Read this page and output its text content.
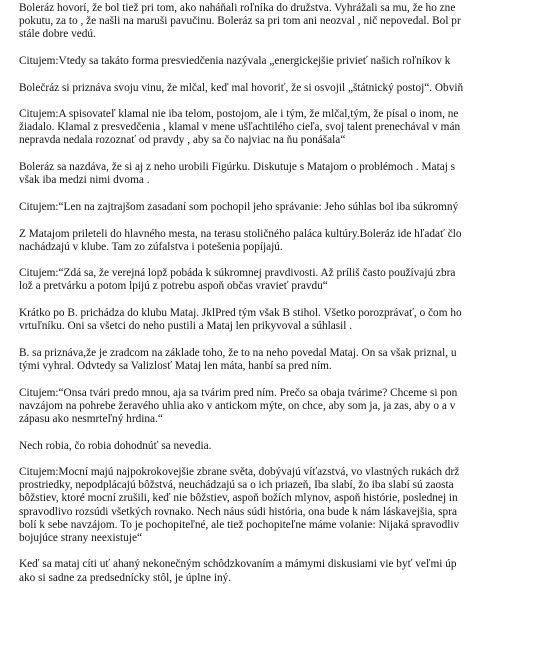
Boleráz hovorí, že bol tiež pri tom, ako naháňali roľníka do družstva. Vyhrážali sa mu, že ho zne
pokutu, za to , že našli na maruši pavučinu. Boleráz sa pri tom ani neozval , nič nepovedal. Bol pr
stále dobre vedú.

Citujem:Vtedy sa takáto forma presviedčenia nazývala „energickejšie privieť našich roľníkov k

Bolečráz si priznáva svoju vinu, že mlčal, keď mal hovoriť, že si osvojil „štátnický postoj“. Obviň

Citujem:A spisovateľ klamal nie iba telom, postojom, ale i tým, že mlčal,tým, že písal o inom, ne
žiadalo. Klamal z presvedčenia , klamal v mene ušľachtilého cieľa, svoj talent prenechával v mán
nepravda nedala rozoznať od pravdy , aby sa čo najviac na ňu ponášala“

Boleráz sa nazdáva, že si aj z neho urobili Figúrku. Diskutuje s Matajom o problémoch . Mataj s
však iba medzi nimi dvoma .

Citujem:“Len na zajtrajšom zasadaní som pochopil jeho správanie: Jeho súhlas bol iba súkromný

Z Matajom prileteli do hlavného mesta, na terasu stoličného paláca kultúry.Boleráz ide hľadať člo
nachádzajú v klube. Tam zo zúfalstva i potešenia popíjajú.

Citujem:“Zdá sa, že verejná lopž pobáda k súkromnej pravdivosti. Až príliš často používajú zbra
lož a pretvárku a potom lpijú z potrebu aspoň občas vravieť pravdu“

Krátko po B. prichádza do klubu Mataj. JklPred tým však B stihol. Všetko porozprávať, o čom ho
vrtuľníku. Oni sa všetci do neho pustili a Mataj len prikyvoval a súhlasil .

B. sa priznáva,že je zradcom na základe toho, že to na neho povedal Mataj. On sa však priznal, u
tými vyhral. Odvtedy sa Valizlosť Mataj len máta, hanbí sa pred ním.

Citujem:“Onsa tvári predo mnou, aja sa tvárim pred ním. Prečo sa obaja tvárime? Chceme si pon
navzájom na pohrebe žeravého uhlia ako v antickom mýte, on chce, aby som ja, ja zas, aby o a v
zápasu ako nesmrteľný hrdina.“

Nech robia, čo robia dohodnúť sa nevedia.

Citujem:Mocní majú najpokrokovejšie zbrane světa, dobývajú víťazstvá, vo vlastných rukách drž
prostriedky, nepodplácajú bôžstvá, neuchádzajú sa o ich priazeň, Iba slabí, žo iba slabí sú zaosta
bôžstiev, ktoré mocní zrušili, keď nie bôžstiev, aspoň božích mlynov, aspoň histórie, poslednej in
spravodlivo rozsúdi všetkých rovnako. Nech náus súdi história, ona bude k nám láskavejšia, spra
bolí k sebe navzájom. To je pochopiteľné, ale tiež pochopiteľne máme volanie: Nijaká spravodliv
bojujúce strany neexistuje“

Keď sa mataj cíti uť ahaný nekonečným schôdzkovaním a mámymi diskusiami vie byť veľmi úp
ako si sadne za predsednícky stôl, je úplne iný.
